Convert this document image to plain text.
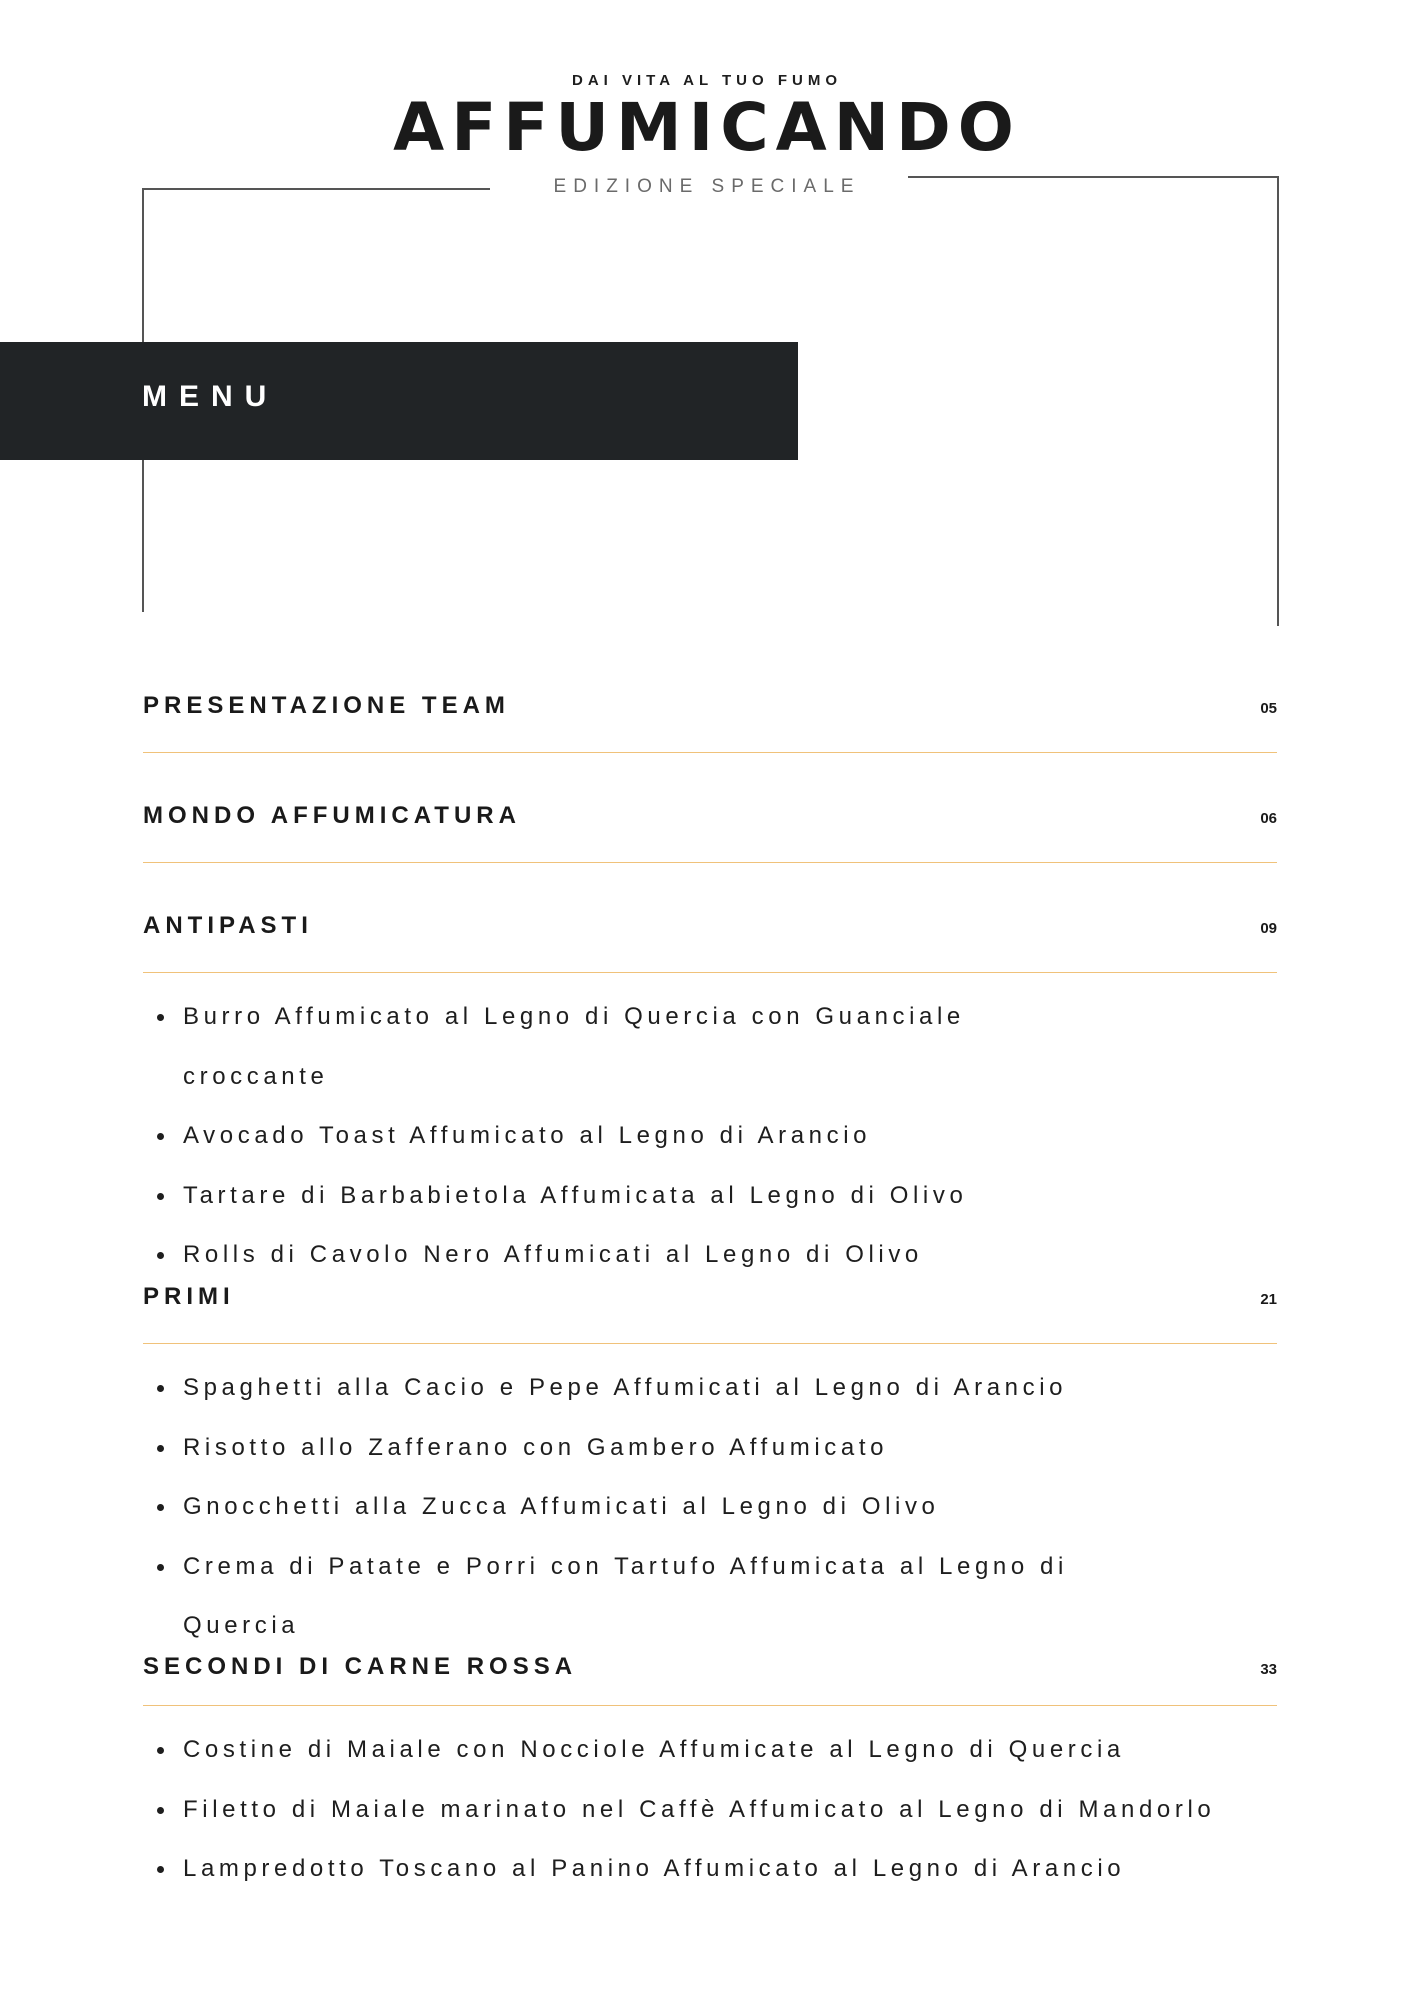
DAI VITA AL TUO FUMO
AFFUMICANDO
EDIZIONE SPECIALE
MENU
PRESENTAZIONE TEAM	05
MONDO AFFUMICATURA	06
ANTIPASTI	09
Burro Affumicato al Legno di Quercia con Guanciale croccante
Avocado Toast Affumicato al Legno di Arancio
Tartare di Barbabietola Affumicata al Legno di Olivo
Rolls di Cavolo Nero Affumicati al Legno di Olivo
PRIMI	21
Spaghetti alla Cacio e Pepe Affumicati al Legno di Arancio
Risotto allo Zafferano con Gambero Affumicato
Gnocchetti alla Zucca Affumicati al Legno di Olivo
Crema di Patate e Porri con Tartufo Affumicata al Legno di Quercia
SECONDI DI CARNE ROSSA	33
Costine di Maiale con Nocciole Affumicate al Legno di Quercia
Filetto di Maiale marinato nel Caffè Affumicato al Legno di Mandorlo
Lampredotto Toscano al Panino Affumicato al Legno di Arancio
